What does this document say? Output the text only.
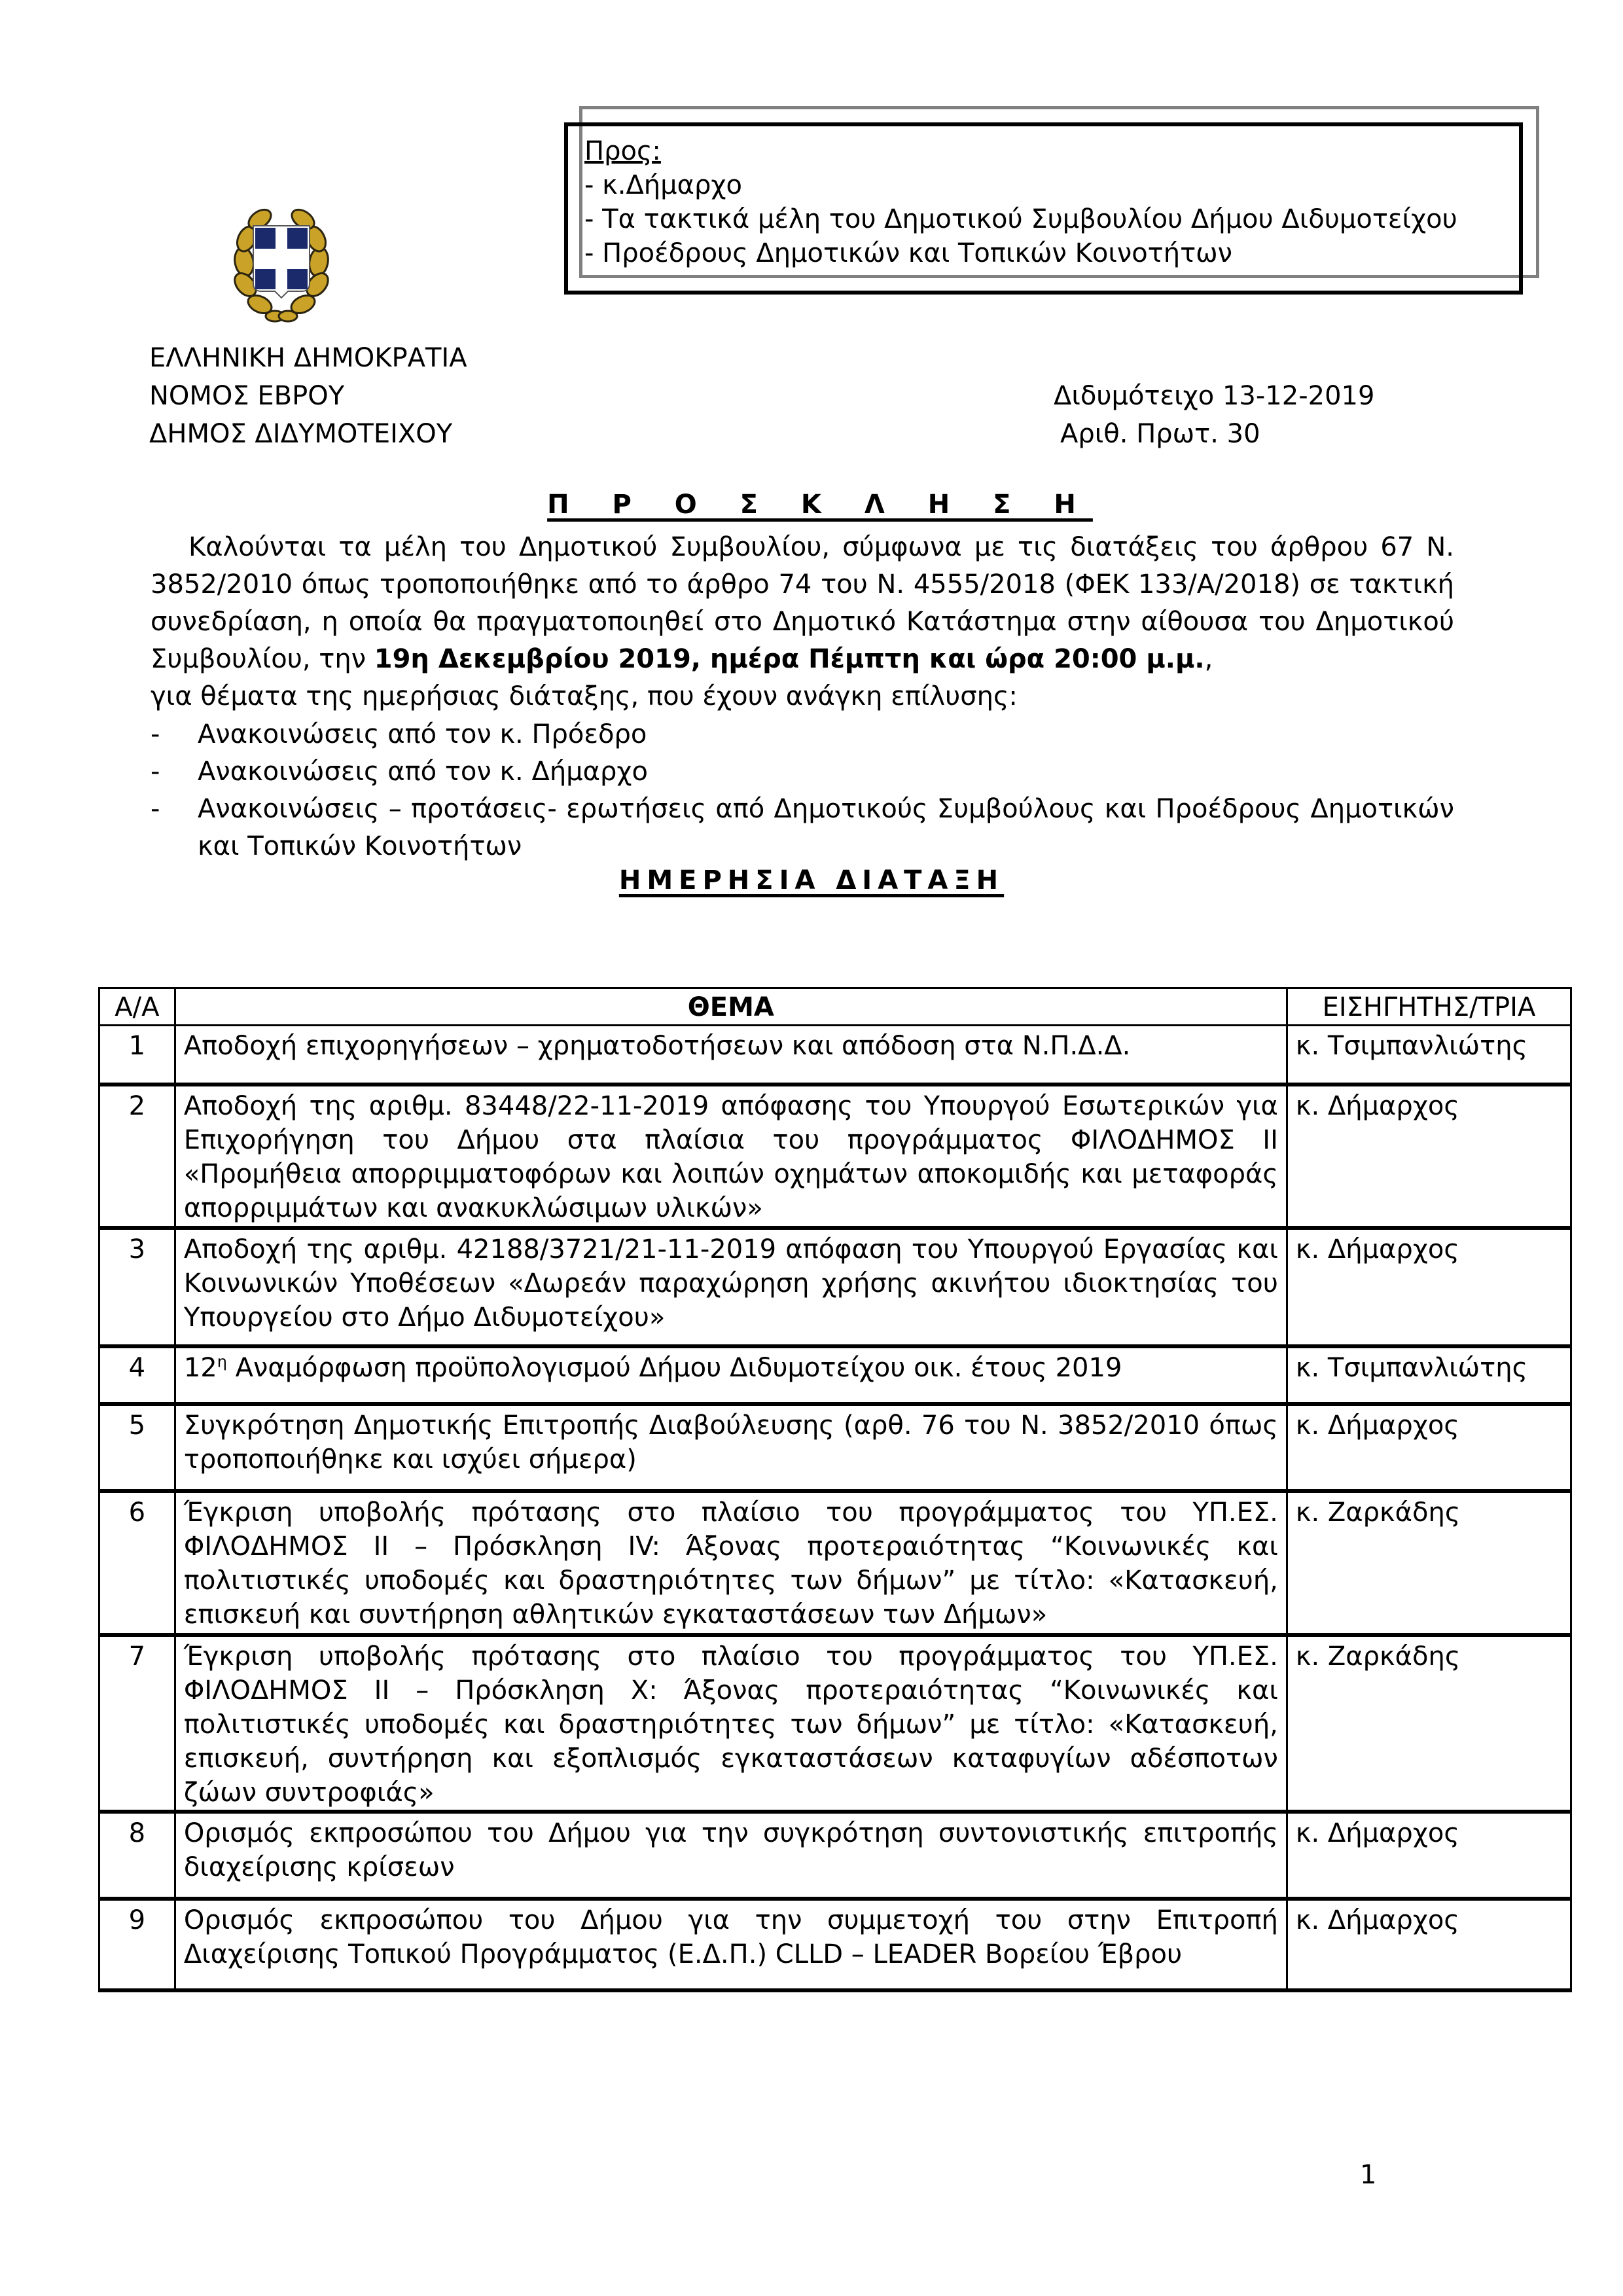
Προς:
- κ.Δήμαρχο
- Τα τακτικά μέλη του Δημοτικού Συμβουλίου Δήμου Διδυμοτείχου
- Προέδρους Δημοτικών και Τοπικών Κοινοτήτων
ΕΛΛΗΝΙΚΗ ΔΗΜΟΚΡΑΤΙΑ
ΝΟΜΟΣ ΕΒΡΟΥ
ΔΗΜΟΣ ΔΙΔΥΜΟΤΕΙΧΟΥ
Διδυμότειχο 13-12-2019
Αριθ. Πρωτ. 30
Π Ρ Ο Σ Κ Λ Η Σ Η
Καλούνται τα μέλη του Δημοτικού Συμβουλίου, σύμφωνα με τις διατάξεις του άρθρου 67 Ν. 3852/2010 όπως τροποποιήθηκε από το άρθρο 74 του Ν. 4555/2018 (ΦΕΚ 133/Α/2018) σε τακτική συνεδρίαση, η οποία θα πραγματοποιηθεί στο Δημοτικό Κατάστημα στην αίθουσα του Δημοτικού Συμβουλίου, την 19η Δεκεμβρίου 2019, ημέρα Πέμπτη και ώρα 20:00 μ.μ.,
για θέματα της ημερήσιας διάταξης, που έχουν ανάγκη επίλυσης:
-	Ανακοινώσεις από τον κ. Πρόεδρο
-	Ανακοινώσεις από τον κ. Δήμαρχο
-	Ανακοινώσεις – προτάσεις- ερωτήσεις από Δημοτικούς Συμβούλους και Προέδρους Δημοτικών και Τοπικών Κοινοτήτων
ΗΜΕΡΗΣΙΑ ΔΙΑΤΑΞΗ
Α/Α	ΘΕΜΑ	ΕΙΣΗΓΗΤΗΣ/ΤΡΙΑ
1	Αποδοχή επιχορηγήσεων – χρηματοδοτήσεων και απόδοση στα Ν.Π.Δ.Δ.	κ. Τσιμπανλιώτης
2	Αποδοχή της αριθμ. 83448/22-11-2019 απόφασης του Υπουργού Εσωτερικών για Επιχορήγηση του Δήμου στα πλαίσια του προγράμματος ΦΙΛΟΔΗΜΟΣ ΙΙ «Προμήθεια απορριμματοφόρων και λοιπών οχημάτων αποκομιδής και μεταφοράς απορριμμάτων και ανακυκλώσιμων υλικών»	κ. Δήμαρχος
3	Αποδοχή της αριθμ. 42188/3721/21-11-2019 απόφαση του Υπουργού Εργασίας και Κοινωνικών Υποθέσεων «Δωρεάν παραχώρηση χρήσης ακινήτου ιδιοκτησίας του Υπουργείου στο Δήμο Διδυμοτείχου»	κ. Δήμαρχος
4	$12^\eta$ Αναμόρφωση προϋπολογισμού Δήμου Διδυμοτείχου οικ. έτους 2019	κ. Τσιμπανλιώτης
5	Συγκρότηση Δημοτικής Επιτροπής Διαβούλευσης (αρθ. 76 του Ν. 3852/2010 όπως τροποποιήθηκε και ισχύει σήμερα)	κ. Δήμαρχος
6	Έγκριση υποβολής πρότασης στο πλαίσιο του προγράμματος του ΥΠ.ΕΣ. ΦΙΛΟΔΗΜΟΣ ΙΙ – Πρόσκληση IV: Άξονας προτεραιότητας “Κοινωνικές και πολιτιστικές υποδομές και δραστηριότητες των δήμων” με τίτλο: «Κατασκευή, επισκευή και συντήρηση αθλητικών εγκαταστάσεων των Δήμων»	κ. Ζαρκάδης
7	Έγκριση υποβολής πρότασης στο πλαίσιο του προγράμματος του ΥΠ.ΕΣ. ΦΙΛΟΔΗΜΟΣ ΙΙ – Πρόσκληση Χ: Άξονας προτεραιότητας “Κοινωνικές και πολιτιστικές υποδομές και δραστηριότητες των δήμων” με τίτλο: «Κατασκευή, επισκευή, συντήρηση και εξοπλισμός εγκαταστάσεων καταφυγίων αδέσποτων ζώων συντροφιάς»	κ. Ζαρκάδης
8	Ορισμός εκπροσώπου του Δήμου για την συγκρότηση συντονιστικής επιτροπής διαχείρισης κρίσεων	κ. Δήμαρχος
9	Ορισμός εκπροσώπου του Δήμου για την συμμετοχή του στην Επιτροπή Διαχείρισης Τοπικού Προγράμματος (Ε.Δ.Π.) CLLD – LEADER Βορείου Έβρου	κ. Δήμαρχος
1
